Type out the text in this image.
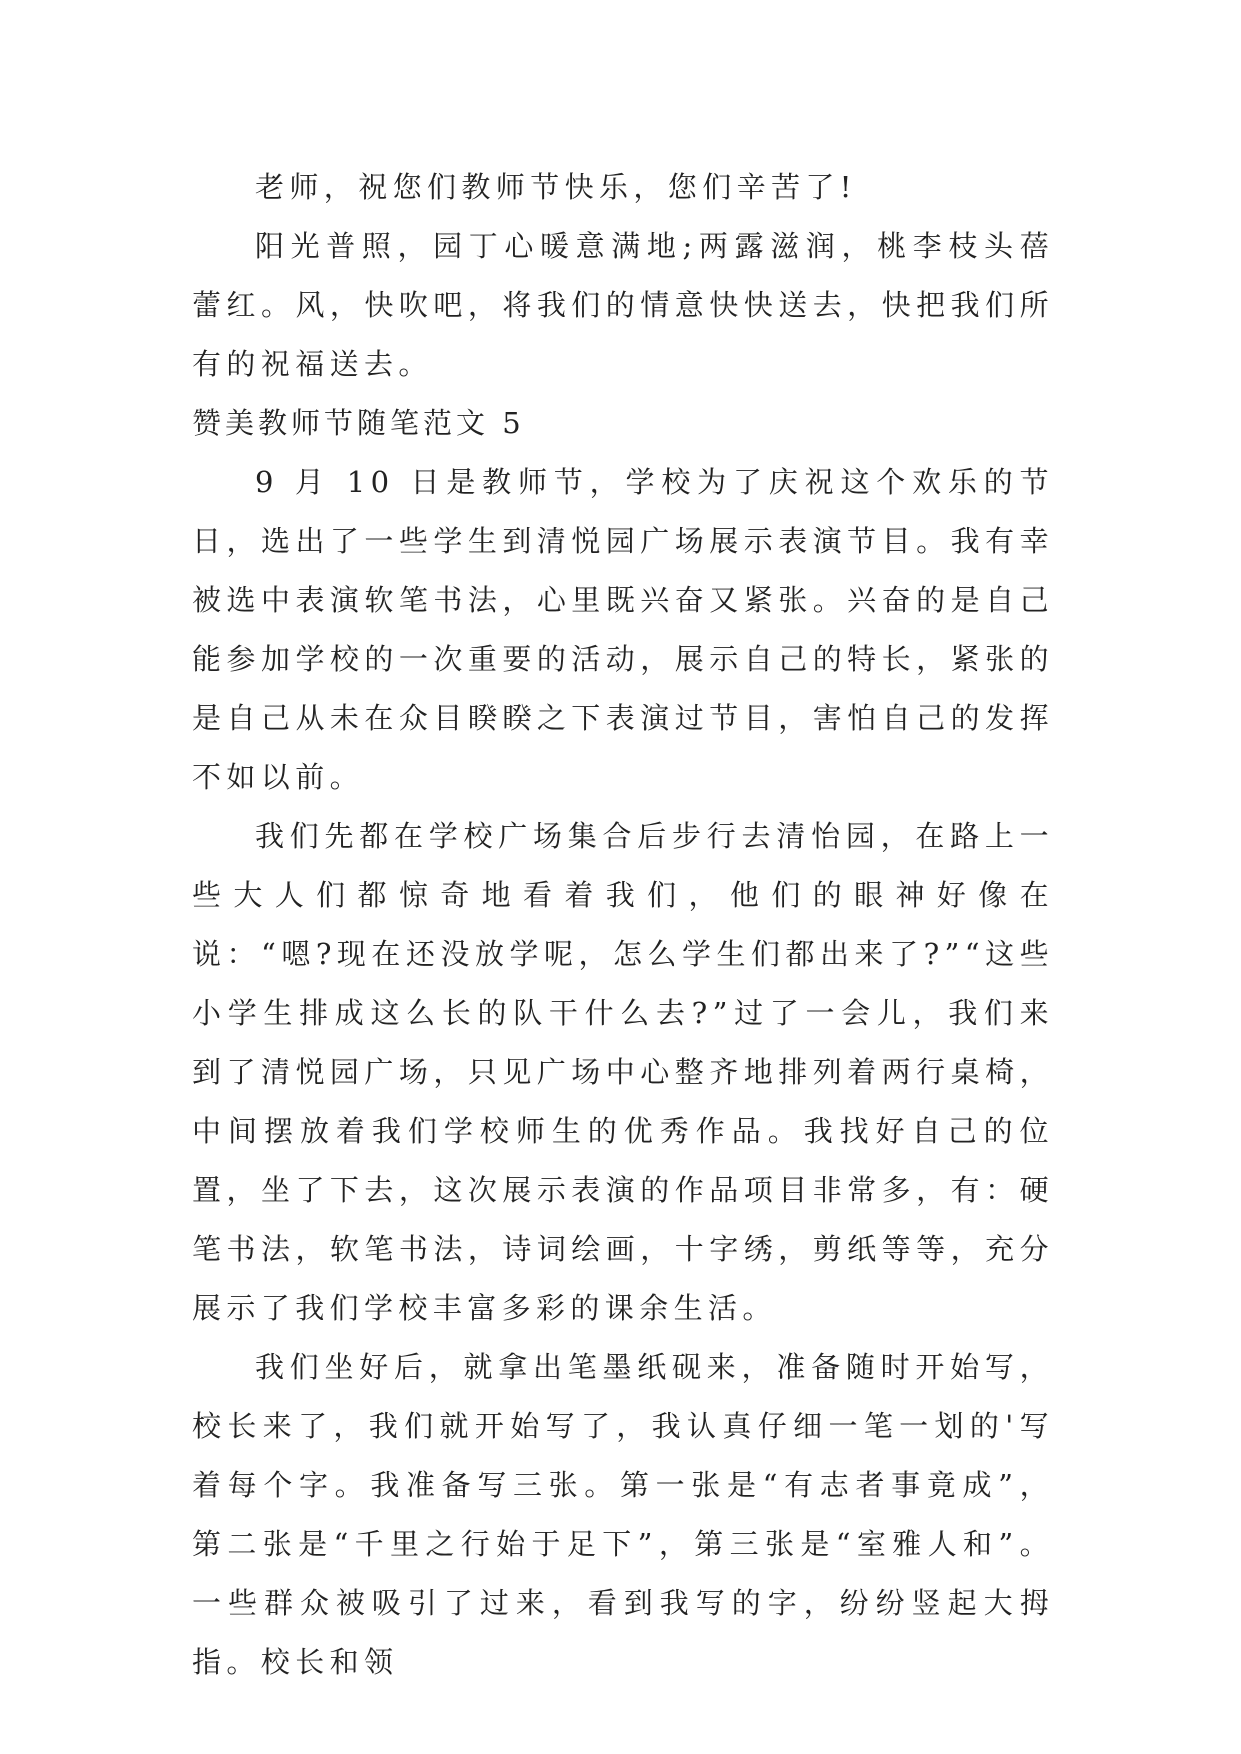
老师，祝您们教师节快乐，您们辛苦了!

阳光普照，园丁心暖意满地;两露滋润，桃李枝头蓓蕾红。风，快吹吧，将我们的情意快快送去，快把我们所有的祝福送去。

赞美教师节随笔范文 5

9 月 10 日是教师节，学校为了庆祝这个欢乐的节日，选出了一些学生到清悦园广场展示表演节目。我有幸被选中表演软笔书法，心里既兴奋又紧张。兴奋的是自己能参加学校的一次重要的活动，展示自己的特长，紧张的是自己从未在众目睽睽之下表演过节目，害怕自己的发挥不如以前。

我们先都在学校广场集合后步行去清怡园，在路上一些大人们都惊奇地看着我们，他们的眼神好像在说：“嗯?现在还没放学呢，怎么学生们都出来了?”“这些小学生排成这么长的队干什么去?”过了一会儿，我们来到了清悦园广场，只见广场中心整齐地排列着两行桌椅，中间摆放着我们学校师生的优秀作品。我找好自己的位置，坐了下去，这次展示表演的作品项目非常多，有：硬笔书法，软笔书法，诗词绘画，十字绣，剪纸等等，充分展示了我们学校丰富多彩的课余生活。

我们坐好后，就拿出笔墨纸砚来，准备随时开始写，校长来了，我们就开始写了，我认真仔细一笔一划的'写着每个字。我准备写三张。第一张是“有志者事竟成”，第二张是“千里之行始于足下”，第三张是“室雅人和”。一些群众被吸引了过来，看到我写的字，纷纷竖起大拇指。校长和领
